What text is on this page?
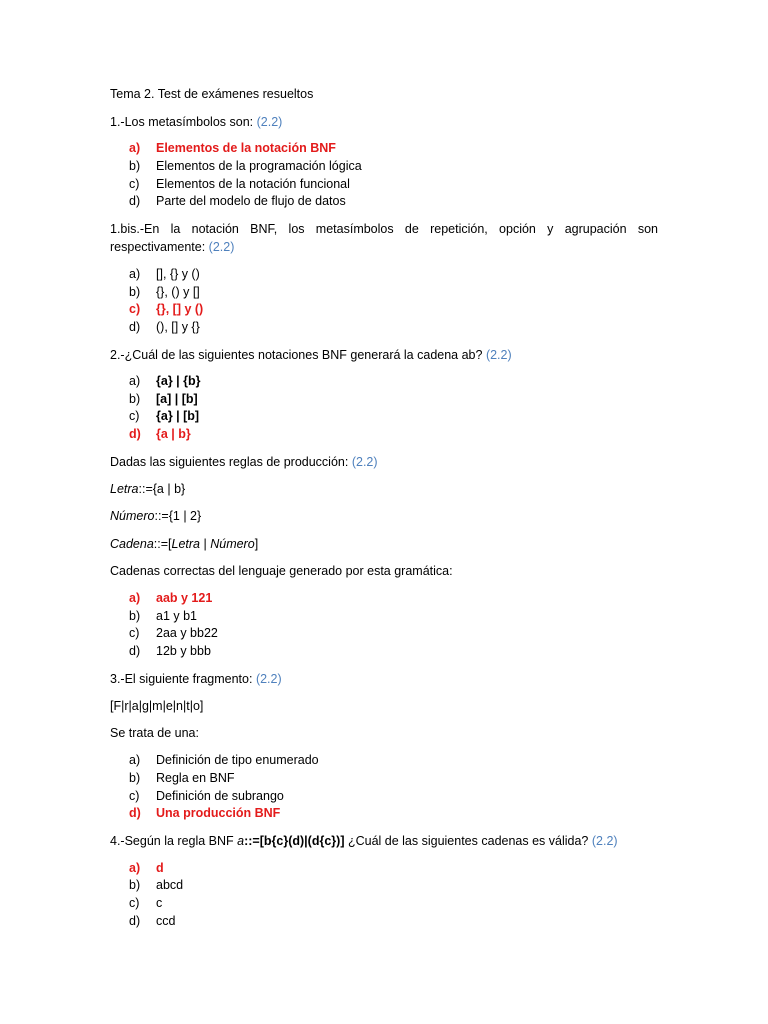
Tema 2. Test de exámenes resueltos
1.-Los metasímbolos son: (2.2)
a) Elementos de la notación BNF
b) Elementos de la programación lógica
c) Elementos de la notación funcional
d) Parte del modelo de flujo de datos
1.bis.-En la notación BNF, los metasímbolos de repetición, opción y agrupación son
respectivamente: (2.2)
a) [], {} y ()
b) {}, () y []
c) {}, [] y ()
d) (), [] y {}
2.-¿Cuál de las siguientes notaciones BNF generará la cadena ab? (2.2)
a) {a} | {b}
b) [a] | [b]
c) {a} | [b]
d) {a | b}
Dadas las siguientes reglas de producción: (2.2)
Letra::={a | b}
Número::={1 | 2}
Cadena::=[Letra | Número]
Cadenas correctas del lenguaje generado por esta gramática:
a) aab y 121
b) a1 y b1
c) 2aa y bb22
d) 12b y bbb
3.-El siguiente fragmento: (2.2)
[F|r|a|g|m|e|n|t|o]
Se trata de una:
a) Definición de tipo enumerado
b) Regla en BNF
c) Definición de subrango
d) Una producción BNF
4.-Según la regla BNF a::=[b{c}(d)|(d{c})] ¿Cuál de las siguientes cadenas es válida? (2.2)
a) d
b) abcd
c) c
d) ccd
